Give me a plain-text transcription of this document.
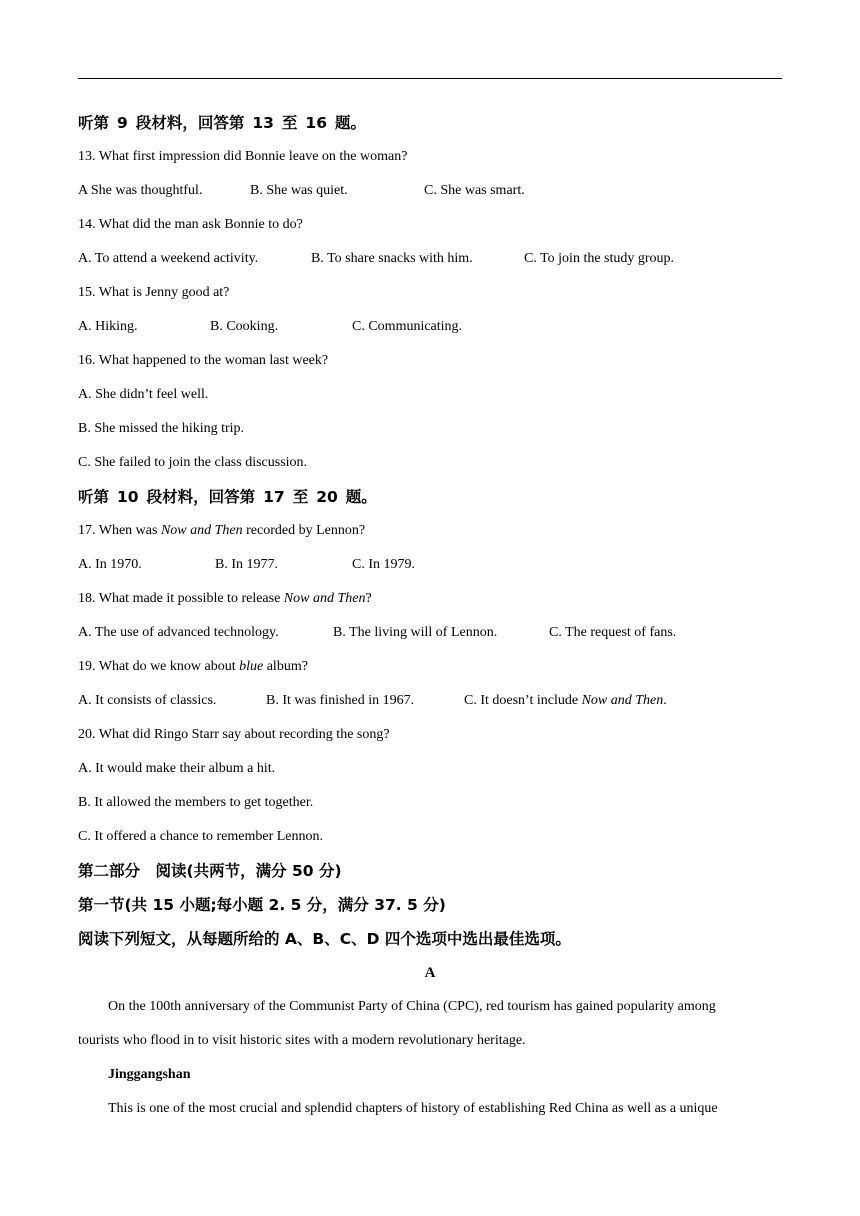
听第 9 段材料，回答第 13 至 16 题。
13. What first impression did Bonnie leave on the woman?
A She was thoughtful.	B. She was quiet.	C. She was smart.
14. What did the man ask Bonnie to do?
A. To attend a weekend activity.	B. To share snacks with him.	C. To join the study group.
15. What is Jenny good at?
A. Hiking.	B. Cooking.	C. Communicating.
16. What happened to the woman last week?
A. She didn’t feel well.
B. She missed the hiking trip.
C. She failed to join the class discussion.
听第 10 段材料，回答第 17 至 20 题。
17. When was Now and Then recorded by Lennon?
A. In 1970.	B. In 1977.	C. In 1979.
18. What made it possible to release Now and Then?
A. The use of advanced technology.	B. The living will of Lennon.	C. The request of fans.
19. What do we know about blue album?
A. It consists of classics.	B. It was finished in 1967.	C. It doesn’t include Now and Then.
20. What did Ringo Starr say about recording the song?
A. It would make their album a hit.
B. It allowed the members to get together.
C. It offered a chance to remember Lennon.
第二部分　阅读(共两节，满分 50 分)
第一节(共 15 小题;每小题 2. 5 分，满分 37. 5 分)
阅读下列短文，从每题所给的 A、B、C、D 四个选项中选出最佳选项。
A
On the 100th anniversary of the Communist Party of China (CPC), red tourism has gained popularity among
tourists who flood in to visit historic sites with a modern revolutionary heritage.
Jinggangshan
This is one of the most crucial and splendid chapters of history of establishing Red China as well as a unique
